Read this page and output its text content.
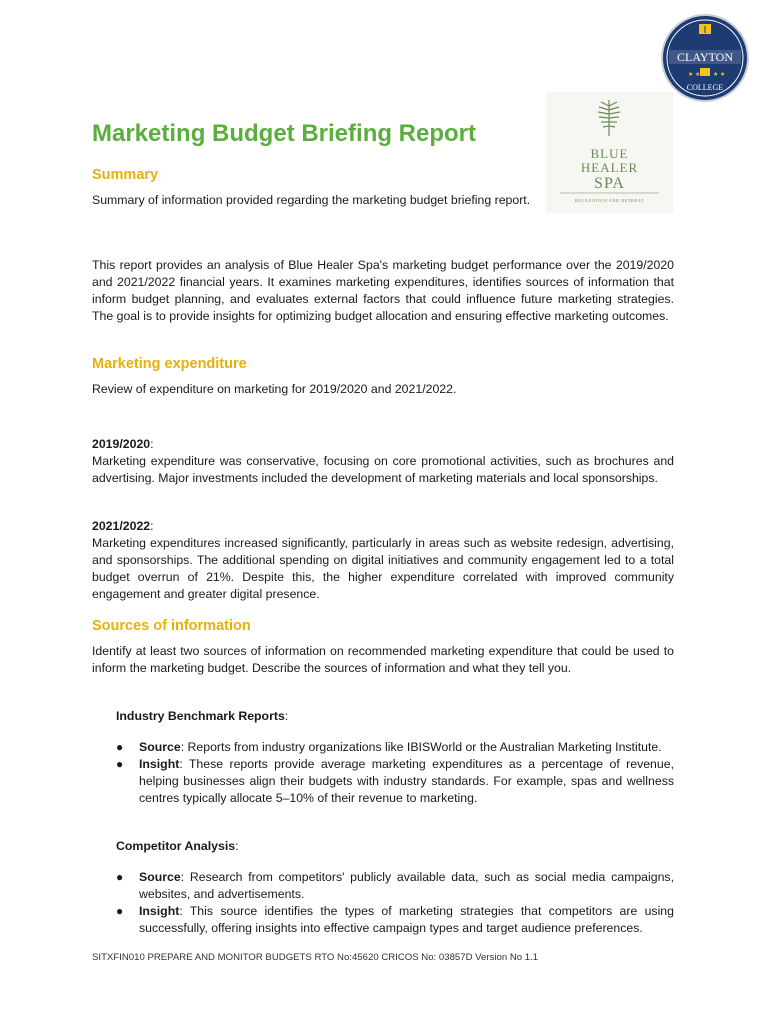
CLAYTON
★ ★ ★ ★
COLLEGE
BLUE
HEALER
SPA
RELAXATION AND RETREAT
Marketing Budget Briefing Report
Summary

Summary of information provided regarding the marketing budget briefing report.

This report provides an analysis of Blue Healer Spa's marketing budget performance over the 2019/2020 and 2021/2022 financial years. It examines marketing expenditures, identifies sources of information that inform budget planning, and evaluates external factors that could influence future marketing strategies. The goal is to provide insights for optimizing budget allocation and ensuring effective marketing outcomes.

Marketing expenditure

Review of expenditure on marketing for 2019/2020 and 2021/2022.

2019/2020:
Marketing expenditure was conservative, focusing on core promotional activities, such as brochures and advertising. Major investments included the development of marketing materials and local sponsorships.
2021/2022:
Marketing expenditures increased significantly, particularly in areas such as website redesign, advertising, and sponsorships. The additional spending on digital initiatives and community engagement led to a total budget overrun of 21%. Despite this, the higher expenditure correlated with improved community engagement and greater digital presence.
Sources of information

Identify at least two sources of information on recommended marketing expenditure that could be used to inform the marketing budget. Describe the sources of information and what they tell you.

Industry Benchmark Reports:

● Source: Reports from industry organizations like IBISWorld or the Australian Marketing Institute.
● Insight: These reports provide average marketing expenditures as a percentage of revenue, helping businesses align their budgets with industry standards. For example, spas and wellness centres typically allocate 5–10% of their revenue to marketing.

Competitor Analysis:

● Source: Research from competitors' publicly available data, such as social media campaigns, websites, and advertisements.
● Insight: This source identifies the types of marketing strategies that competitors are using successfully, offering insights into effective campaign types and target audience preferences.

SITXFIN010 PREPARE AND MONITOR BUDGETS RTO No:45620 CRICOS No: 03857D Version No 1.1
